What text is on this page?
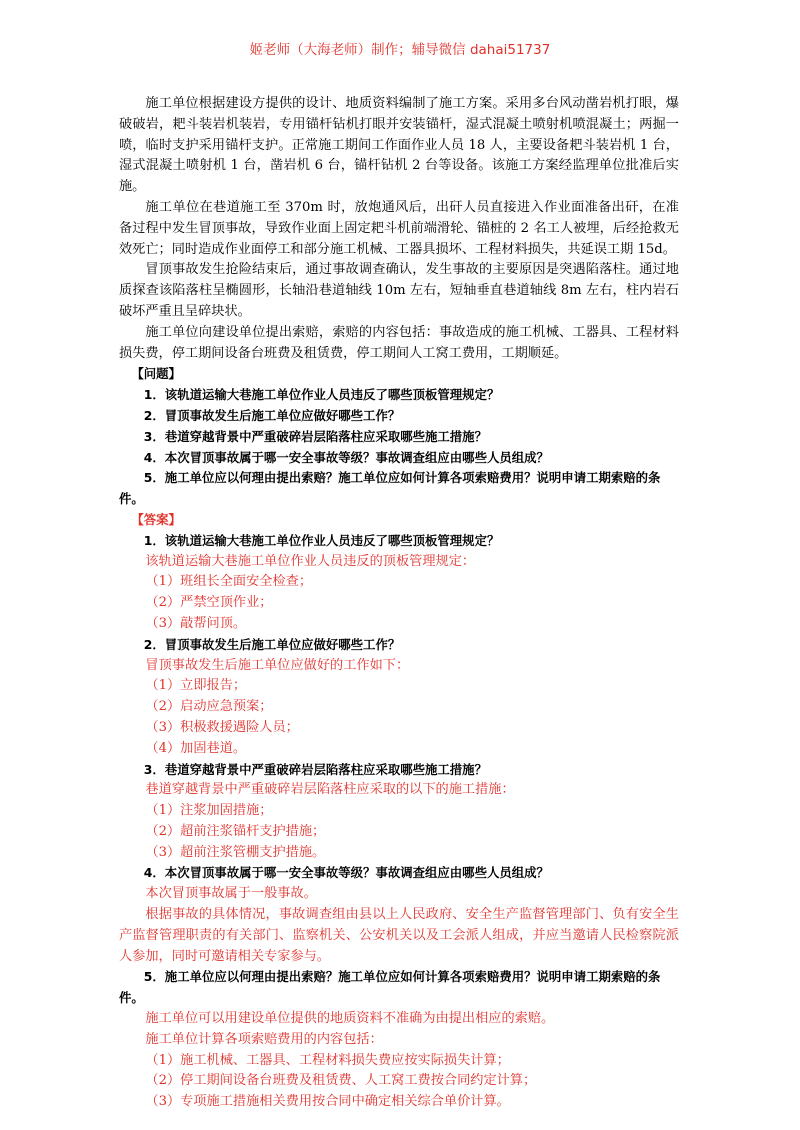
姬老师（大海老师）制作；辅导微信 dahai51737

施工单位根据建设方提供的设计、地质资料编制了施工方案。采用多台风动凿岩机打眼，爆破破岩，耙斗装岩机装岩，专用锚杆钻机打眼并安装锚杆，湿式混凝土喷射机喷混凝土；两掘一喷，临时支护采用锚杆支护。正常施工期间工作面作业人员 18 人，主要设备耙斗装岩机 1 台，湿式混凝土喷射机 1 台，凿岩机 6 台，锚杆钻机 2 台等设备。该施工方案经监理单位批准后实施。

施工单位在巷道施工至 370m 时，放炮通风后，出矸人员直接进入作业面准备出矸，在准备过程中发生冒顶事故，导致作业面上固定耙斗机前端滑轮、锚桩的 2 名工人被埋，后经抢救无效死亡；同时造成作业面停工和部分施工机械、工器具损坏、工程材料损失，共延误工期 15d。

冒顶事故发生抢险结束后，通过事故调查确认，发生事故的主要原因是突遇陷落柱。通过地质探查该陷落柱呈椭圆形，长轴沿巷道轴线 10m 左右，短轴垂直巷道轴线 8m 左右，柱内岩石破坏严重且呈碎块状。

施工单位向建设单位提出索赔，索赔的内容包括：事故造成的施工机械、工器具、工程材料损失费，停工期间设备台班费及租赁费，停工期间人工窝工费用，工期顺延。

【问题】

1．该轨道运输大巷施工单位作业人员违反了哪些顶板管理规定？

2．冒顶事故发生后施工单位应做好哪些工作？

3．巷道穿越背景中严重破碎岩层陷落柱应采取哪些施工措施？

4．本次冒顶事故属于哪一安全事故等级？事故调查组应由哪些人员组成？

5．施工单位应以何理由提出索赔？施工单位应如何计算各项索赔费用？说明申请工期索赔的条件。

【答案】

1．该轨道运输大巷施工单位作业人员违反了哪些顶板管理规定？

该轨道运输大巷施工单位作业人员违反的顶板管理规定：

（1）班组长全面安全检查；

（2）严禁空顶作业；

（3）敲帮问顶。

2．冒顶事故发生后施工单位应做好哪些工作？

冒顶事故发生后施工单位应做好的工作如下：

（1）立即报告；

（2）启动应急预案；

（3）积极救援遇险人员；

（4）加固巷道。

3．巷道穿越背景中严重破碎岩层陷落柱应采取哪些施工措施？

巷道穿越背景中严重破碎岩层陷落柱应采取的以下的施工措施：

（1）注浆加固措施；

（2）超前注浆锚杆支护措施；

（3）超前注浆管棚支护措施。

4．本次冒顶事故属于哪一安全事故等级？事故调查组应由哪些人员组成？

本次冒顶事故属于一般事故。

根据事故的具体情况，事故调查组由县以上人民政府、安全生产监督管理部门、负有安全生产监督管理职责的有关部门、监察机关、公安机关以及工会派人组成，并应当邀请人民检察院派人参加，同时可邀请相关专家参与。

5．施工单位应以何理由提出索赔？施工单位应如何计算各项索赔费用？说明申请工期索赔的条件。

施工单位可以用建设单位提供的地质资料不准确为由提出相应的索赔。

施工单位计算各项索赔费用的内容包括：

（1）施工机械、工器具、工程材料损失费应按实际损失计算；

（2）停工期间设备台班费及租赁费、人工窝工费按合同约定计算；

（3）专项施工措施相关费用按合同中确定相关综合单价计算。
